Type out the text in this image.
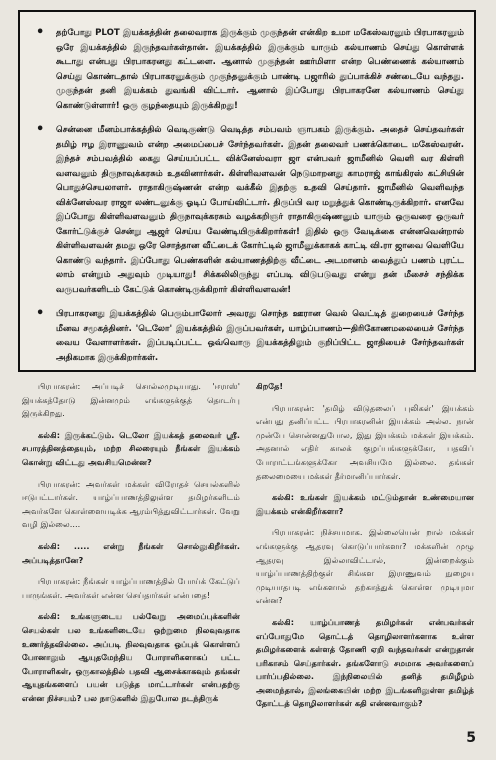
• தற்போது PLOT இயக்கத்தின் தலைவராக இருக்கும் முகுந்தன் என்கிற உமா மகேஸ்வரனும் பிரபாகரனும் ஒரே இயக்கத்தில் இருந்தவர்கள்தான். இயக்கத்தில் இருக்கும் யாரும் கல்யாணம் செய்து கொள்ளக் கூடாது என்பது பிரபாகரனது கட்டளை. ஆனால் முகுந்தன் ஊர்மிளா என்ற பெண்ணைக் கல்யாணம் செய்து கொண்டதால் பிரபாகரனுக்கும் முகுந்தனுக்கும் பாண்டி பஜாரில் துப்பாக்கிச் சண்டையே வந்தது. முகுந்தன் தனி இயக்கம் துவங்கி விட்டார். ஆனால் இப்போது பிரபாகரனே கல்யாணம் செய்து கொண்டுள்ளார்! ஒரு குழந்தையும் இருக்கிறது!
• சென்னை மீனம்பாக்கத்தில் வெடிகுண்டு வெடித்த சம்பவம் ஞாபகம் இருக்கும். அதைச் செய்தவர்கள் தமிழ் ஈழ இராணுவம் என்ற அமைப்பைச் சேர்ந்தவர்கள். இதன் தலைவர் பணக்கொடை மகேஸ்வரன். இந்தச் சம்பவத்தில் கைது செய்யப்பட்ட விக்னேஸ்வரா ஜா என்பவர் ஜாமீனில் வெளி வர கிள்ளி வளவனும் திருநாவுக்கரசும் உதவினார்கள். கிள்ளிவளவன் நெடுமாறனது காமராஜ் காங்கிரஸ் கட்சியின் பொதுச்செயலாளர். ராதாகிருஷ்ணன் என்ற வக்கீல் இதற்கு உதவி செய்தார். ஜாமீனில் வெளிவந்த விக்னேஸ்வர ராஜா லண்டனுக்கு ஓடிப் போய்விட்டார். திருப்பி வர மறுத்துக் கொண்டிருக்கிறார். எனவே இப்போது கிள்ளிவளவனும் திருநாவுக்கரசும் வழக்கறிஞர் ராதாகிருஷ்ணனும் யாரும் ஒருவரை ஒருவர் கோர்ட்டுக்குச் சென்று ஆஜர் செய்ய வேண்டியிருக்கிறார்கள்! இதில் ஒரு வேடிக்கை என்னவென்றால் கிள்ளிவளவன் தமது ஒரே சொத்தான வீட்டைக் கோர்ட்டில் ஜாமீனுக்காகக் காட்டி வி.ரா ஜாவை வெளியே கொண்டு வந்தார். இப்போது பெண்களின் கல்யாணத்திற்கு வீட்டை அடமானம் வைத்துப் பணம் புரட்ட லாம் என்றும் அதுவும் முடியாது! சிக்கலிலிருந்து எப்படி விடுபடுவது என்று தன் மீசைச் சந்திக்க வருபவர்களிடம் கேட்டுக் கொண்டிருக்கிறார் கிள்ளிவளவன்!
• பிரபாகரனது இயக்கத்தில் பெரும்பாலோர் அவரது சொந்த ஊரான வெல் வெட்டித் துறையைச் சேர்ந்த மீனவ சமூகத்தினர். 'டெலோ' இயக்கத்தில் இருப்பவர்கள், யாழ்ப்பாணம்—திரிகோணமலையைச் சேர்ந்த வைய வேளாளர்கள். இப்படிப்பட்ட ஒவ்வொரு இயக்கத்திலும் குறிப்பிட்ட ஜாதியைச் சேர்ந்தவர்கள் அதிகமாக இருக்கிறார்கள்.

பிரபாகரன்: அப்படிச் சொல்லமுடியாது. 'ஈராஸ்' இயக்கத்தோடு இன்னமும் எங்களுக்குத் தொடர்பு இருக்கிறது.

கல்கி: இருக்கட்டும். டெலோ இயக்கத் தலைவர் ஸ்ரீ. சபாரத்தினத்தையும், மற்ற சிலரையும் நீங்கள் இயக்கம் கொன்று விட்டது அவசியமென்ன?

பிரபாகரன்: அவர்கள் மக்கள் விரோதச் செயல்களில் ஈடுபட்டார்கள். யாழ்ப்பாணத்திலுள்ள தமிழர்களிடம் அவர்களே கொள்ளையடிக்க ஆரம்பித்துவிட்டார்கள். வேறு வழி இல்லை....

கல்கி: ..... என்று நீங்கள் சொல்லுகிறீர்கள். அப்படித்தானே?

பிரபாகரன்: நீங்கள் யாழ்ப்பாணத்தில் போய்க் கேட்டுப் பாருங்கள். அவர்கள் என்ன செய்தார்கள் என்பதை!

கல்கி: உங்களுடைய பல்வேறு அமைப்புக்களின் செயல்கள் பல உங்களிடையே ஒற்றுமை நிலவுவதாக உணர்த்தவில்லை. அப்படி நிலவுவதாக ஒப்புக் கொள்ளப் போனாலும் ஆயுதமேந்திய போராளிகளாகப் பட்ட போராளிகள், ஒருகாலத்தில் பதவி ஆசைக்காகவும் தங்கள் ஆயுதங்களைப் பயன் படுத்த மாட்டார்கள் என்பதற்கு என்ன நிச்சயம்? பல நாடுகளில் இதுபோல நடந்திருக்

கிறதே!

பிரபாகரன்: 'தமிழ் விடுதலைப் புலிகள்' இயக்கம் என்பது தனிப்பட்ட பிரபாகரனின் இயக்கம் அல்ல. நான் முன்பே சொன்னதுபோல, இது இயக்கம் மக்கள் இயக்கம். அதனால் எதிர் காலக் குழப்பங்களுக்கோ, பதவிப் போராட்டங்களுக்கோ அவசியமே இல்லை. தங்கள் தலைமையை மக்கள் தீர்மானிப்பார்கள்.

கல்கி: உங்கள் இயக்கம் மட்டும்தான் உண்மையான இயக்கம் என்கிறீர்களா?

பிரபாகரன்: நிச்சயமாக. இல்லையென் றால் மக்கள் எங்களுக்கு ஆதரவு கொடுப்பார்களா? மக்களின் முழு ஆதரவு இல்லாவிட்டால், இன்றைக்கும் யாழ்ப்பாணத்திற்குள் சிங்கள இராணுவம் நுழைய முடியாதபடி எங்களால் தற்காத்துக் கொள்ள முடியுமா என்ன?

கல்கி: யாழ்ப்பாணத் தமிழர்கள் என்பவர்கள் எப்போதுமே தொட்டத் தொழிலாளர்களாக உள்ள தமிழர்களைக் கள்ளத் தோணி ஏறி வந்தவர்கள் என்றுதான் பரிகாசம் செய்தார்கள். தங்களோடு சமமாக அவர்களைப் பார்ப்பதில்லை. இந்நிலையில் தனித் தமிழீழம் அமைந்தால், இலங்கையின் மற்ற இடங்களிலுள்ள தமிழ்த் தோட்டத் தொழிலாளர்கள் கதி என்னவாகும்?

5
